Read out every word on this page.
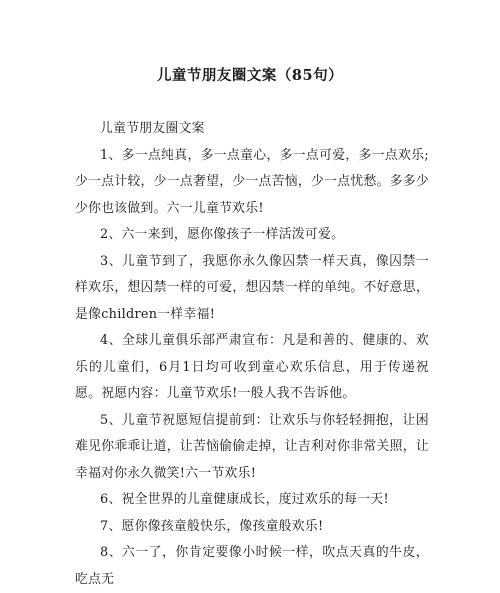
儿童节朋友圈文案（85句）

儿童节朋友圈文案

1、多一点纯真，多一点童心，多一点可爱，多一点欢乐;少一点计较，少一点奢望，少一点苦恼，少一点忧愁。多多少少你也该做到。六一儿童节欢乐!

2、六一来到，愿你像孩子一样活泼可爱。

3、儿童节到了，我愿你永久像囚禁一样天真，像囚禁一样欢乐，想囚禁一样的可爱，想囚禁一样的单纯。不好意思，是像children一样幸福!

4、全球儿童俱乐部严肃宣布：凡是和善的、健康的、欢乐的儿童们，6月1日均可收到童心欢乐信息，用于传递祝愿。祝愿内容：儿童节欢乐!一般人我不告诉他。

5、儿童节祝愿短信提前到：让欢乐与你轻轻拥抱，让困难见你乖乖让道，让苦恼偷偷走掉，让吉利对你非常关照，让幸福对你永久微笑!六一节欢乐!

6、祝全世界的儿童健康成长，度过欢乐的每一天!

7、愿你像孩童般快乐，像孩童般欢乐!

8、六一了，你肯定要像小时候一样，吹点天真的牛皮，吃点无
